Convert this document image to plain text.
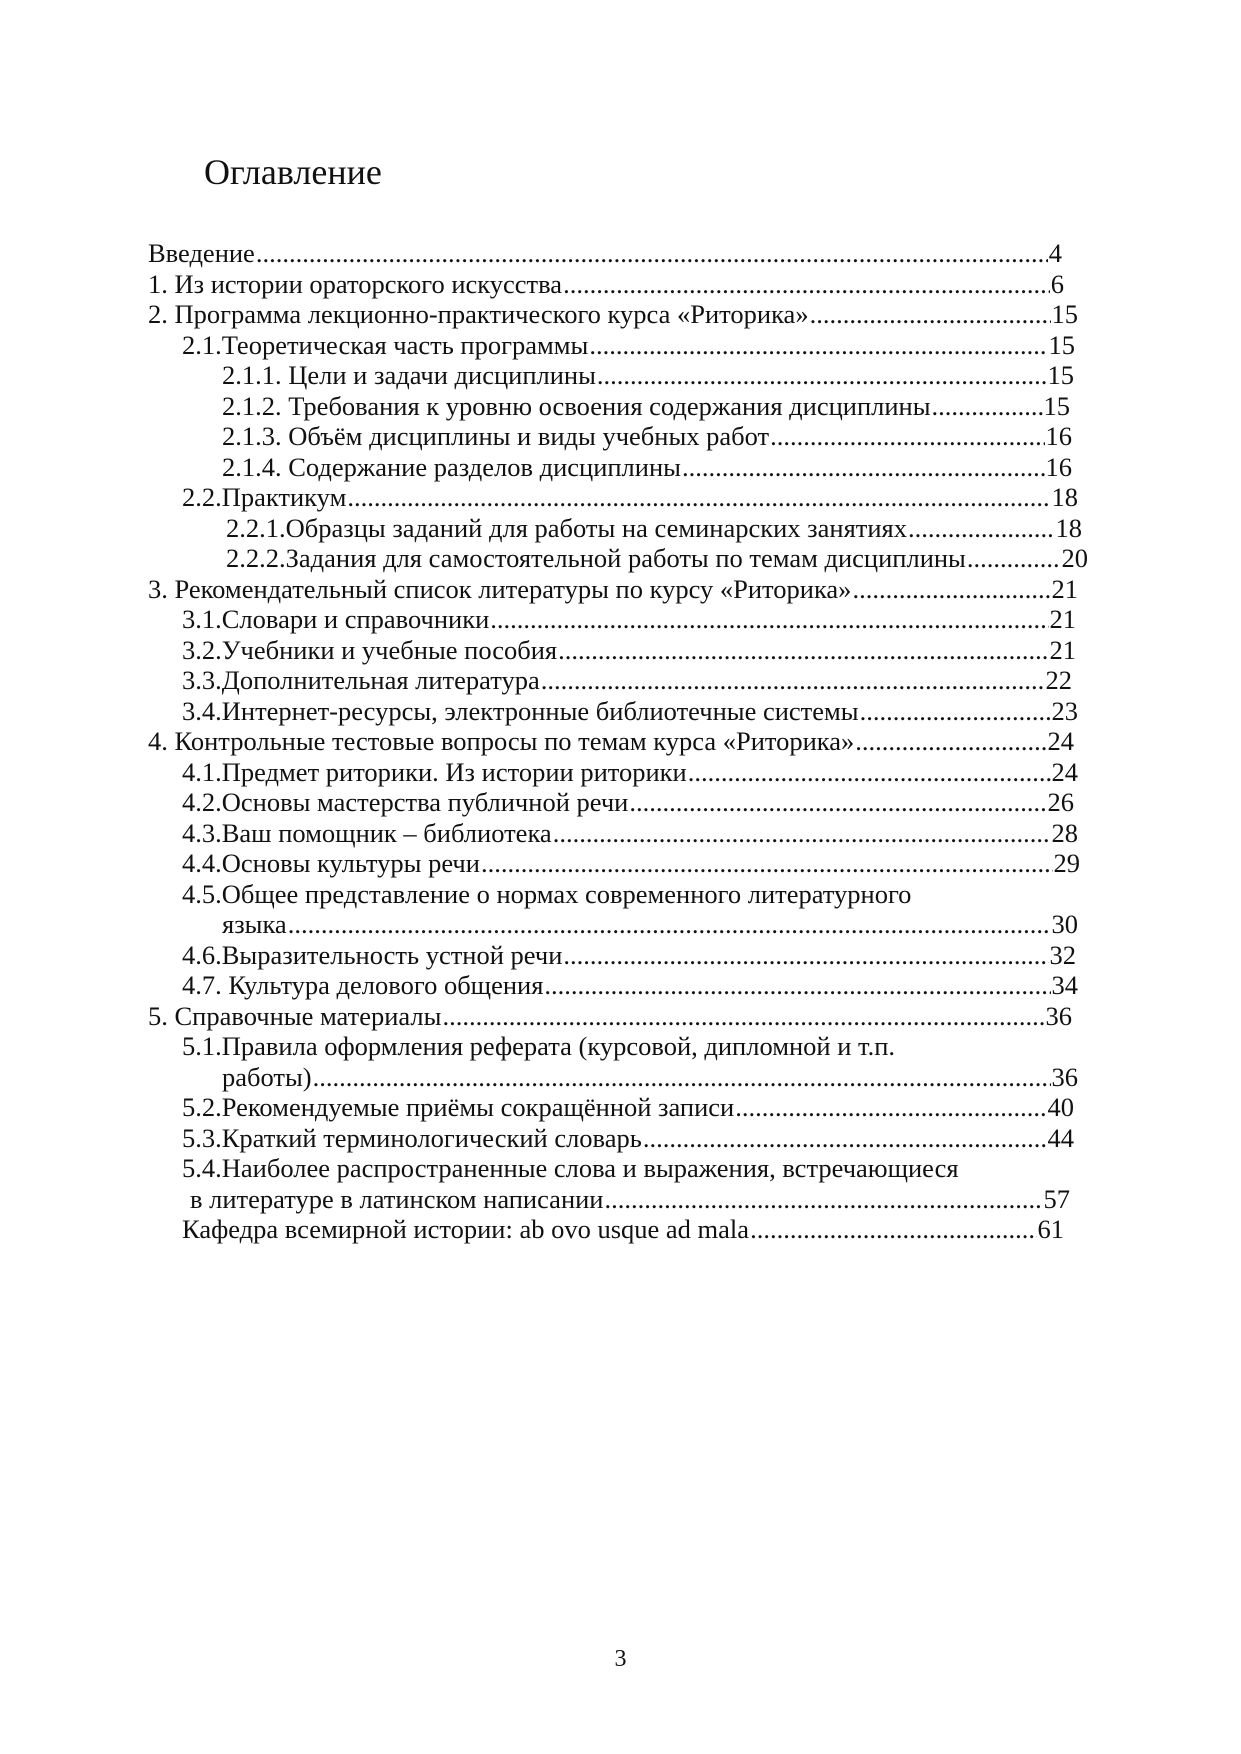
Оглавление
Введение .....	4
1. Из истории ораторского искусства .....	6
2. Программа лекционно-практического курса «Риторика» .....	15
2.1.Теоретическая часть программы .....	15
2.1.1. Цели и задачи дисциплины .....	15
2.1.2. Требования к уровню освоения содержания дисциплины .....	15
2.1.3. Объём дисциплины и виды учебных работ .....	16
2.1.4. Содержание разделов дисциплины .....	16
2.2.Практикум .....	18
2.2.1.Образцы заданий для работы на семинарских занятиях .....	18
2.2.2.Задания для самостоятельной работы по темам дисциплины .....	20
3. Рекомендательный список литературы по курсу «Риторика» .....	21
3.1.Словари и справочники .....	21
3.2.Учебники и учебные пособия .....	21
3.3.Дополнительная литература .....	22
3.4.Интернет-ресурсы, электронные библиотечные системы .....	23
4. Контрольные тестовые вопросы по темам курса «Риторика» .....	24
4.1.Предмет риторики. Из истории риторики .....	24
4.2.Основы мастерства публичной речи .....	26
4.3.Ваш помощник – библиотека .....	28
4.4.Основы культуры речи .....	29
4.5.Общее представление о нормах современного литературного
языка .....	30
4.6.Выразительность устной речи .....	32
4.7. Культура делового общения .....	34
5. Справочные материалы .....	36
5.1.Правила оформления реферата (курсовой, дипломной и т.п.
работы) .....	36
5.2.Рекомендуемые приёмы сокращённой записи .....	40
5.3.Краткий терминологический словарь .....	44
5.4.Наиболее распространенные слова и выражения, встречающиеся
в литературе в латинском написании .....	57
Кафедра всемирной истории: ab ovo usque ad mala .....	61
3
